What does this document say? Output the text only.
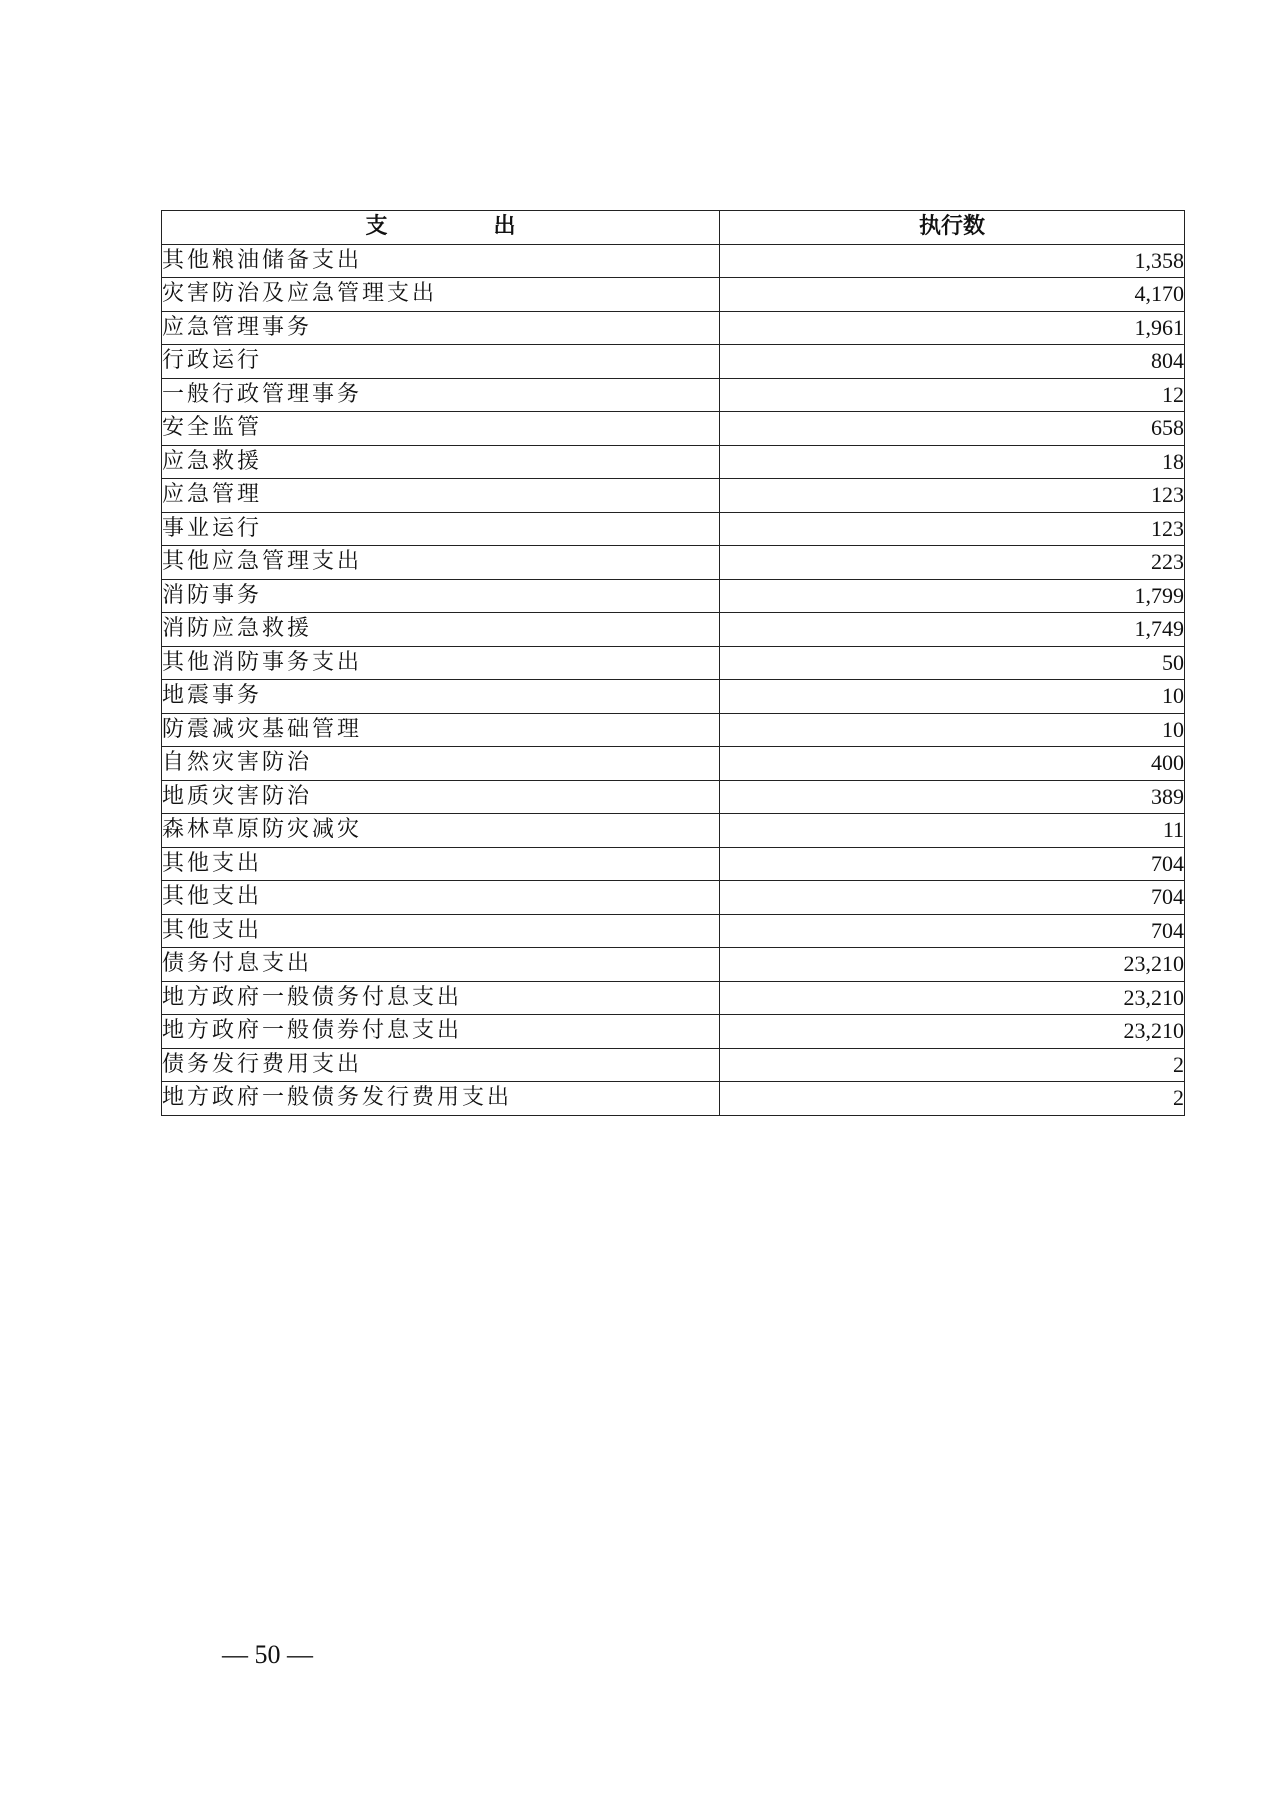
支 出	执行数
其他粮油储备支出	1,358
灾害防治及应急管理支出	4,170
应急管理事务	1,961
行政运行	804
一般行政管理事务	12
安全监管	658
应急救援	18
应急管理	123
事业运行	123
其他应急管理支出	223
消防事务	1,799
消防应急救援	1,749
其他消防事务支出	50
地震事务	10
防震减灾基础管理	10
自然灾害防治	400
地质灾害防治	389
森林草原防灾减灾	11
其他支出	704
其他支出	704
其他支出	704
债务付息支出	23,210
地方政府一般债务付息支出	23,210
地方政府一般债券付息支出	23,210
债务发行费用支出	2
地方政府一般债务发行费用支出	2
— 50 —
